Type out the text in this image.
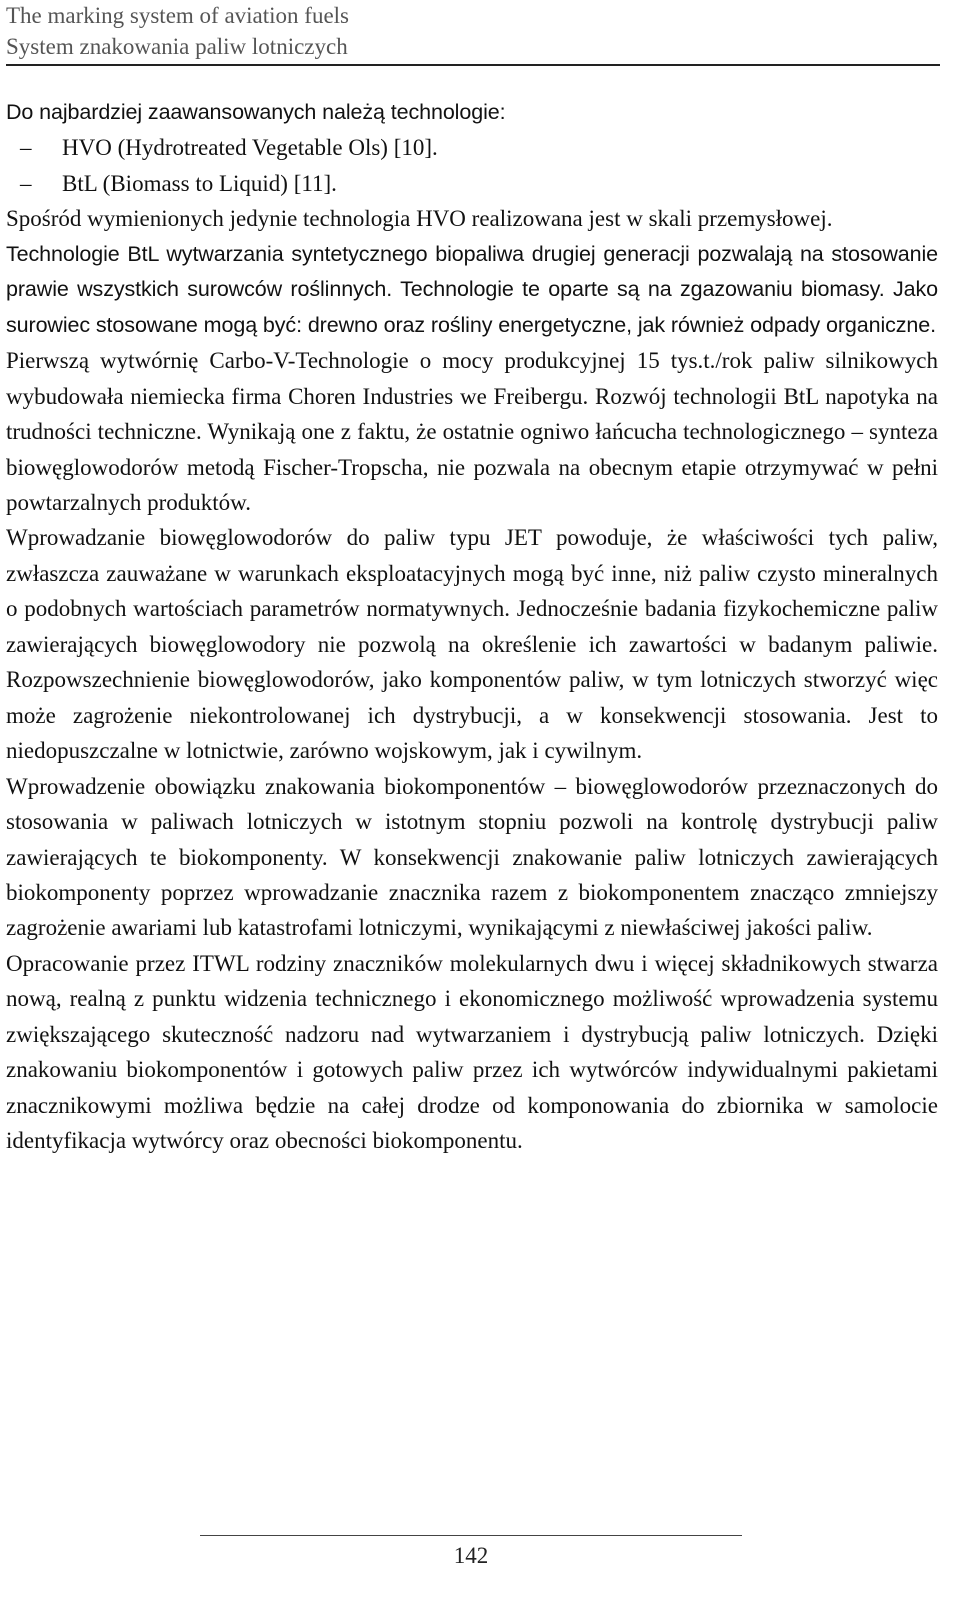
The marking system of aviation fuels
System znakowania paliw lotniczych

Do najbardziej zaawansowanych należą technologie:

–	HVO (Hydrotreated Vegetable Ols) [10].
–	BtL (Biomass to Liquid) [11].

Spośród wymienionych jedynie technologia HVO realizowana jest w skali przemysłowej.

Technologie BtL wytwarzania syntetycznego biopaliwa drugiej generacji pozwalają na stosowanie prawie wszystkich surowców roślinnych. Technologie te oparte są na zgazowaniu biomasy. Jako surowiec stosowane mogą być: drewno oraz rośliny energetyczne, jak również odpady organiczne.

Pierwszą wytwórnię Carbo-V-Technologie o mocy produkcyjnej 15 tys.t./rok paliw silnikowych wybudowała niemiecka firma Choren Industries we Freibergu. Rozwój technologii BtL napotyka na trudności techniczne. Wynikają one z faktu, że ostatnie ogniwo łańcucha technologicznego – synteza biowęglowodorów metodą Fischer-Tropscha, nie pozwala na obecnym etapie otrzymywać w pełni powtarzalnych produktów.

Wprowadzanie biowęglowodorów do paliw typu JET powoduje, że właściwości tych paliw, zwłaszcza zauważane w warunkach eksploatacyjnych mogą być inne, niż paliw czysto mineralnych o podobnych wartościach parametrów normatywnych. Jednocześnie badania fizykochemiczne paliw zawierających biowęglowodory nie pozwolą na określenie ich zawartości w badanym paliwie. Rozpowszechnienie biowęglowodorów, jako komponentów paliw, w tym lotniczych stworzyć więc może zagrożenie niekontrolowanej ich dystrybucji, a w konsekwencji stosowania. Jest to niedopuszczalne w lotnictwie, zarówno wojskowym, jak i cywilnym.

Wprowadzenie obowiązku znakowania biokomponentów – biowęglowodorów przeznaczonych do stosowania w paliwach lotniczych w istotnym stopniu pozwoli na kontrolę dystrybucji paliw zawierających te biokomponenty. W konsekwencji znakowanie paliw lotniczych zawierających biokomponenty poprzez wprowadzanie znacznika razem z biokomponentem znacząco zmniejszy zagrożenie awariami lub katastrofami lotniczymi, wynikającymi z niewłaściwej jakości paliw.

Opracowanie przez ITWL rodziny znaczników molekularnych dwu i więcej składnikowych stwarza nową, realną z punktu widzenia technicznego i ekonomicznego możliwość wprowadzenia systemu zwiększającego skuteczność nadzoru nad wytwarzaniem i dystrybucją paliw lotniczych. Dzięki znakowaniu biokomponentów i gotowych paliw przez ich wytwórców indywidualnymi pakietami znacznikowymi możliwa będzie na całej drodze od komponowania do zbiornika w samolocie identyfikacja wytwórcy oraz obecności biokomponentu.

142
